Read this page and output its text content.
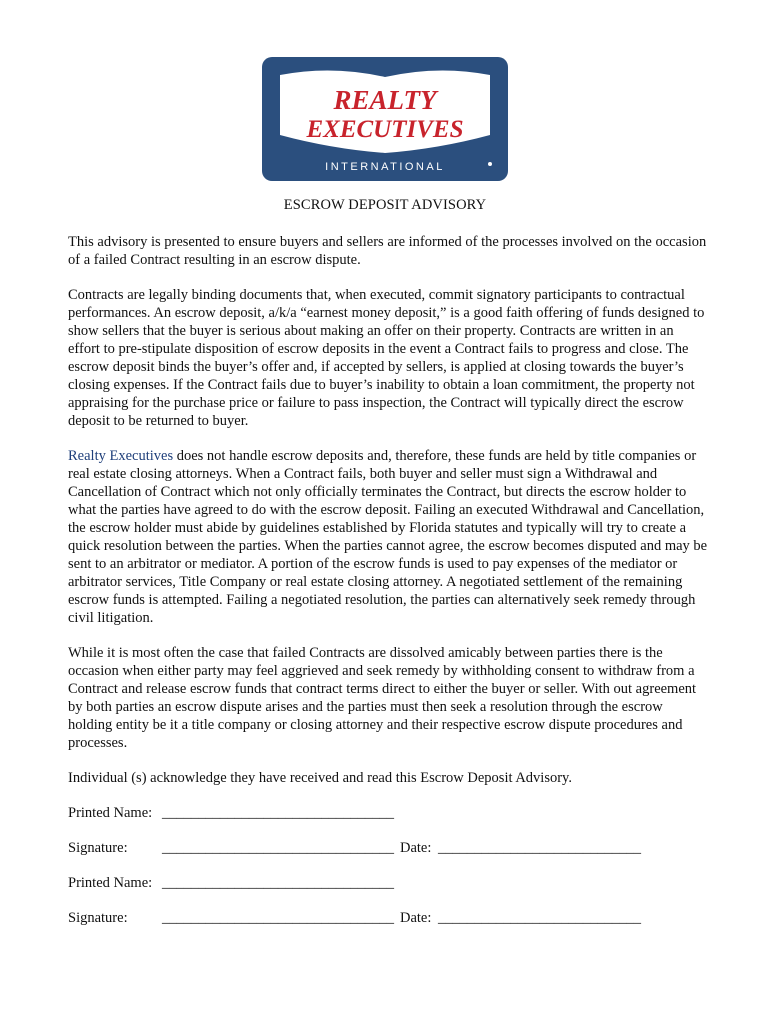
REALTY
EXECUTIVES
INTERNATIONAL
ESCROW DEPOSIT ADVISORY

This advisory is presented to ensure buyers and sellers are informed of the processes involved on the occasion of a failed Contract resulting in an escrow dispute.

Contracts are legally binding documents that, when executed, commit signatory participants to contractual performances. An escrow deposit, a/k/a “earnest money deposit,” is a good faith offering of funds designed to show sellers that the buyer is serious about making an offer on their property. Contracts are written in an effort to pre-stipulate disposition of escrow deposits in the event a Contract fails to progress and close. The escrow deposit binds the buyer’s offer and, if accepted by sellers, is applied at closing towards the buyer’s closing expenses. If the Contract fails due to buyer’s inability to obtain a loan commitment, the property not appraising for the purchase price or failure to pass inspection, the Contract will typically direct the escrow deposit to be returned to buyer.

Realty Executives does not handle escrow deposits and, therefore, these funds are held by title companies or real estate closing attorneys. When a Contract fails, both buyer and seller must sign a Withdrawal and Cancellation of Contract which not only officially terminates the Contract, but directs the escrow holder to what the parties have agreed to do with the escrow deposit. Failing an executed Withdrawal and Cancellation, the escrow holder must abide by guidelines established by Florida statutes and typically will try to create a quick resolution between the parties. When the parties cannot agree, the escrow becomes disputed and may be sent to an arbitrator or mediator. A portion of the escrow funds is used to pay expenses of the mediator or arbitrator services, Title Company or real estate closing attorney. A negotiated settlement of the remaining escrow funds is attempted. Failing a negotiated resolution, the parties can alternatively seek remedy through civil litigation.

While it is most often the case that failed Contracts are dissolved amicably between parties there is the occasion when either party may feel aggrieved and seek remedy by withholding consent to withdraw from a Contract and release escrow funds that contract terms direct to either the buyer or seller. With out agreement by both parties an escrow dispute arises and the parties must then seek a resolution through the escrow holding entity be it a title company or closing attorney and their respective escrow dispute procedures and processes.

Individual (s) acknowledge they have received and read this Escrow Deposit Advisory.

Printed Name: ________________________________
Signature: ________________________________ Date: ____________________________
Printed Name: ________________________________
Signature: ________________________________ Date: ____________________________
